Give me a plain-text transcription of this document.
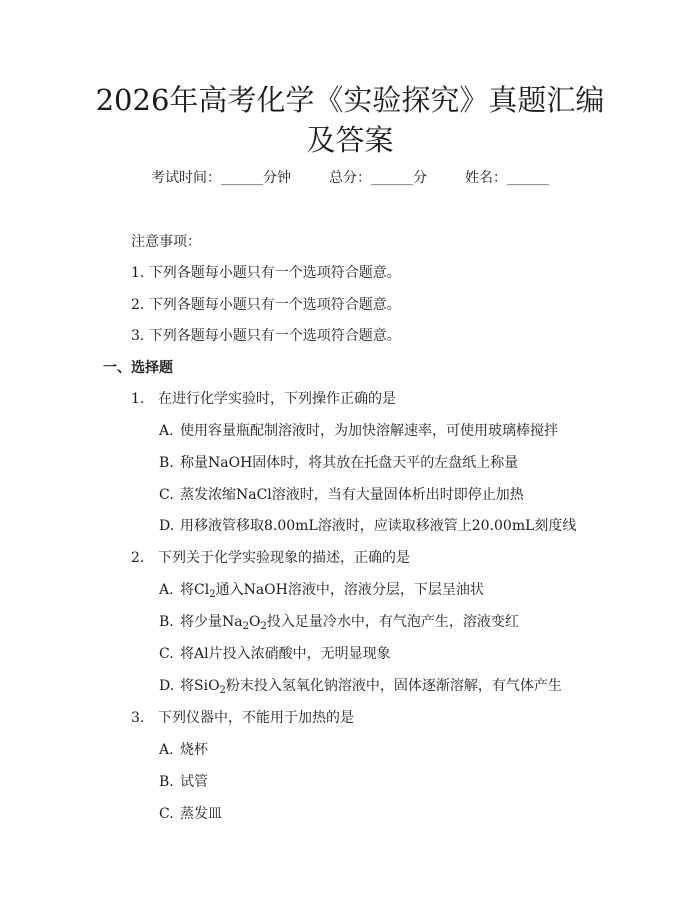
2026年高考化学《实验探究》真题汇编及答案
考试时间：______分钟	总分：______分	姓名：______
注意事项：
1. 下列各题每小题只有一个选项符合题意。
2. 下列各题每小题只有一个选项符合题意。
3. 下列各题每小题只有一个选项符合题意。
一、选择题
1. 在进行化学实验时，下列操作正确的是
A. 使用容量瓶配制溶液时，为加快溶解速率，可使用玻璃棒搅拌
B. 称量NaOH固体时，将其放在托盘天平的左盘纸上称量
C. 蒸发浓缩NaCl溶液时，当有大量固体析出时即停止加热
D. 用移液管移取8.00mL溶液时，应读取移液管上20.00mL刻度线
2. 下列关于化学实验现象的描述，正确的是
A. 将$Cl_2$通入NaOH溶液中，溶液分层，下层呈油状
B. 将少量$Na_2O_2$投入足量冷水中，有气泡产生，溶液变红
C. 将Al片投入浓硝酸中，无明显现象
D. 将SiO$_2$粉末投入氢氧化钠溶液中，固体逐渐溶解，有气体产生
3. 下列仪器中，不能用于加热的是
A. 烧杯
B. 试管
C. 蒸发皿
